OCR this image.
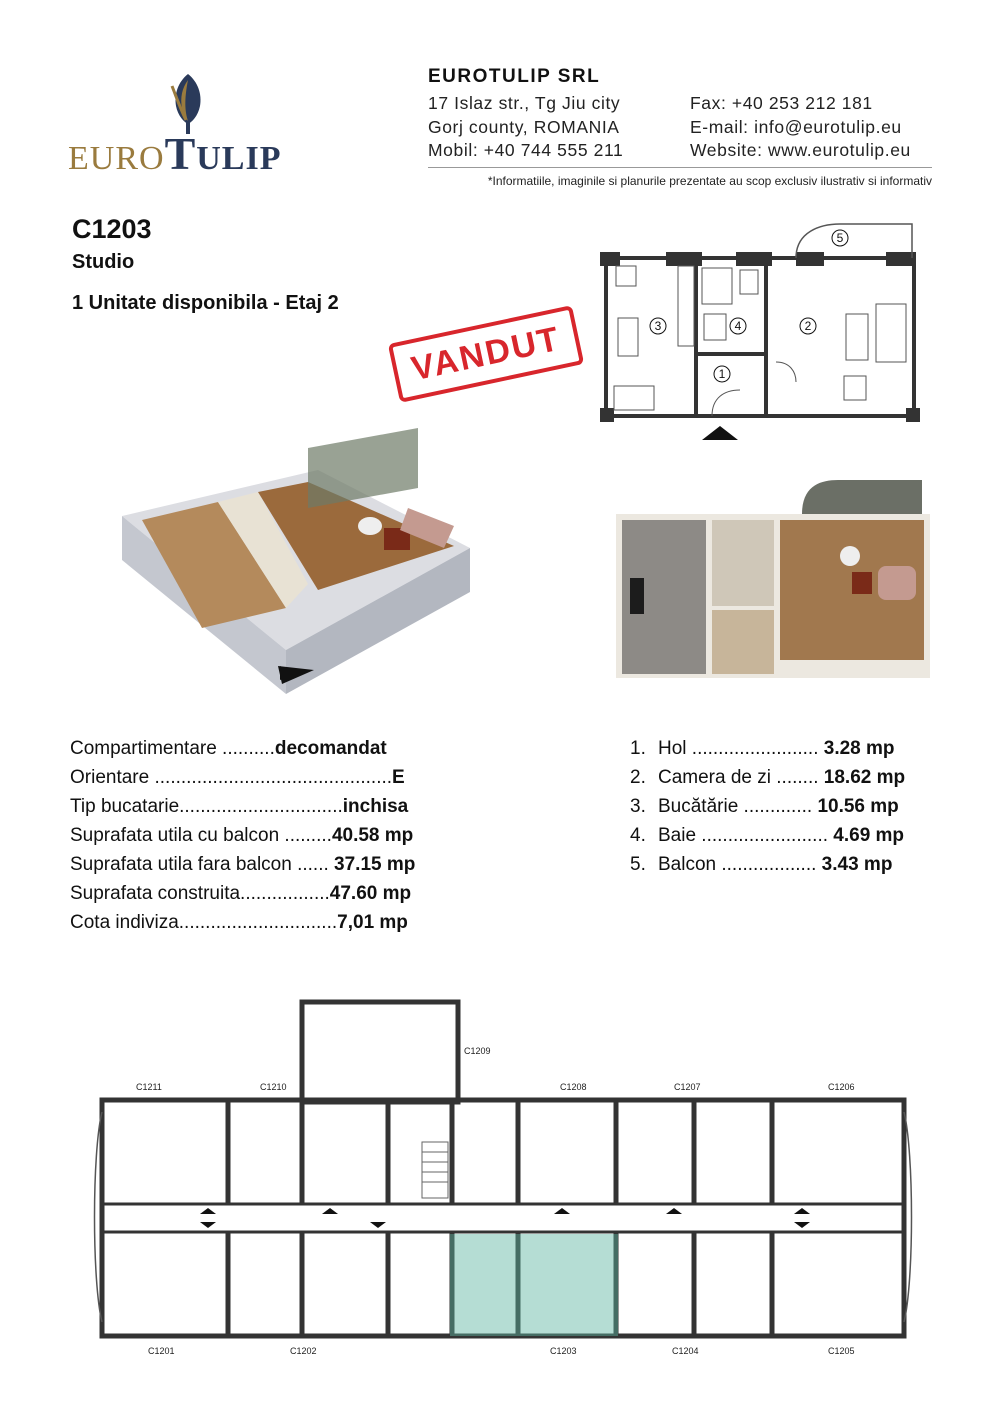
EUROTULIP
EUROTULIP SRL
17 Islaz str., Tg Jiu city	Fax: +40 253 212 181
Gorj county, ROMANIA	E-mail: info@eurotulip.eu
Mobil: +40 744 555 211	Website: www.eurotulip.eu
*Informatiile, imaginile si planurile prezentate au scop exclusiv ilustrativ si informativ
C1203
Studio
1 Unitate disponibila - Etaj 2
VANDUT	1
2
3	4
5
Compartimentare ..........decomandat
Orientare .............................................E
Tip bucatarie...............................inchisa
Suprafata utila cu balcon .........40.58 mp
Suprafata utila fara balcon ...... 37.15 mp
Suprafata construita.................47.60 mp
Cota indiviza..............................7,01 mp
1. Hol ........................ 3.28 mp
2. Camera de zi ........ 18.62 mp
3. Bucătărie ............. 10.56 mp
4. Baie ........................ 4.69 mp
5. Balcon .................. 3.43 mp
C1211	C1210
C1209
C1208	C1207	C1206
C1201	C1202	C1203	C1204	C1205
